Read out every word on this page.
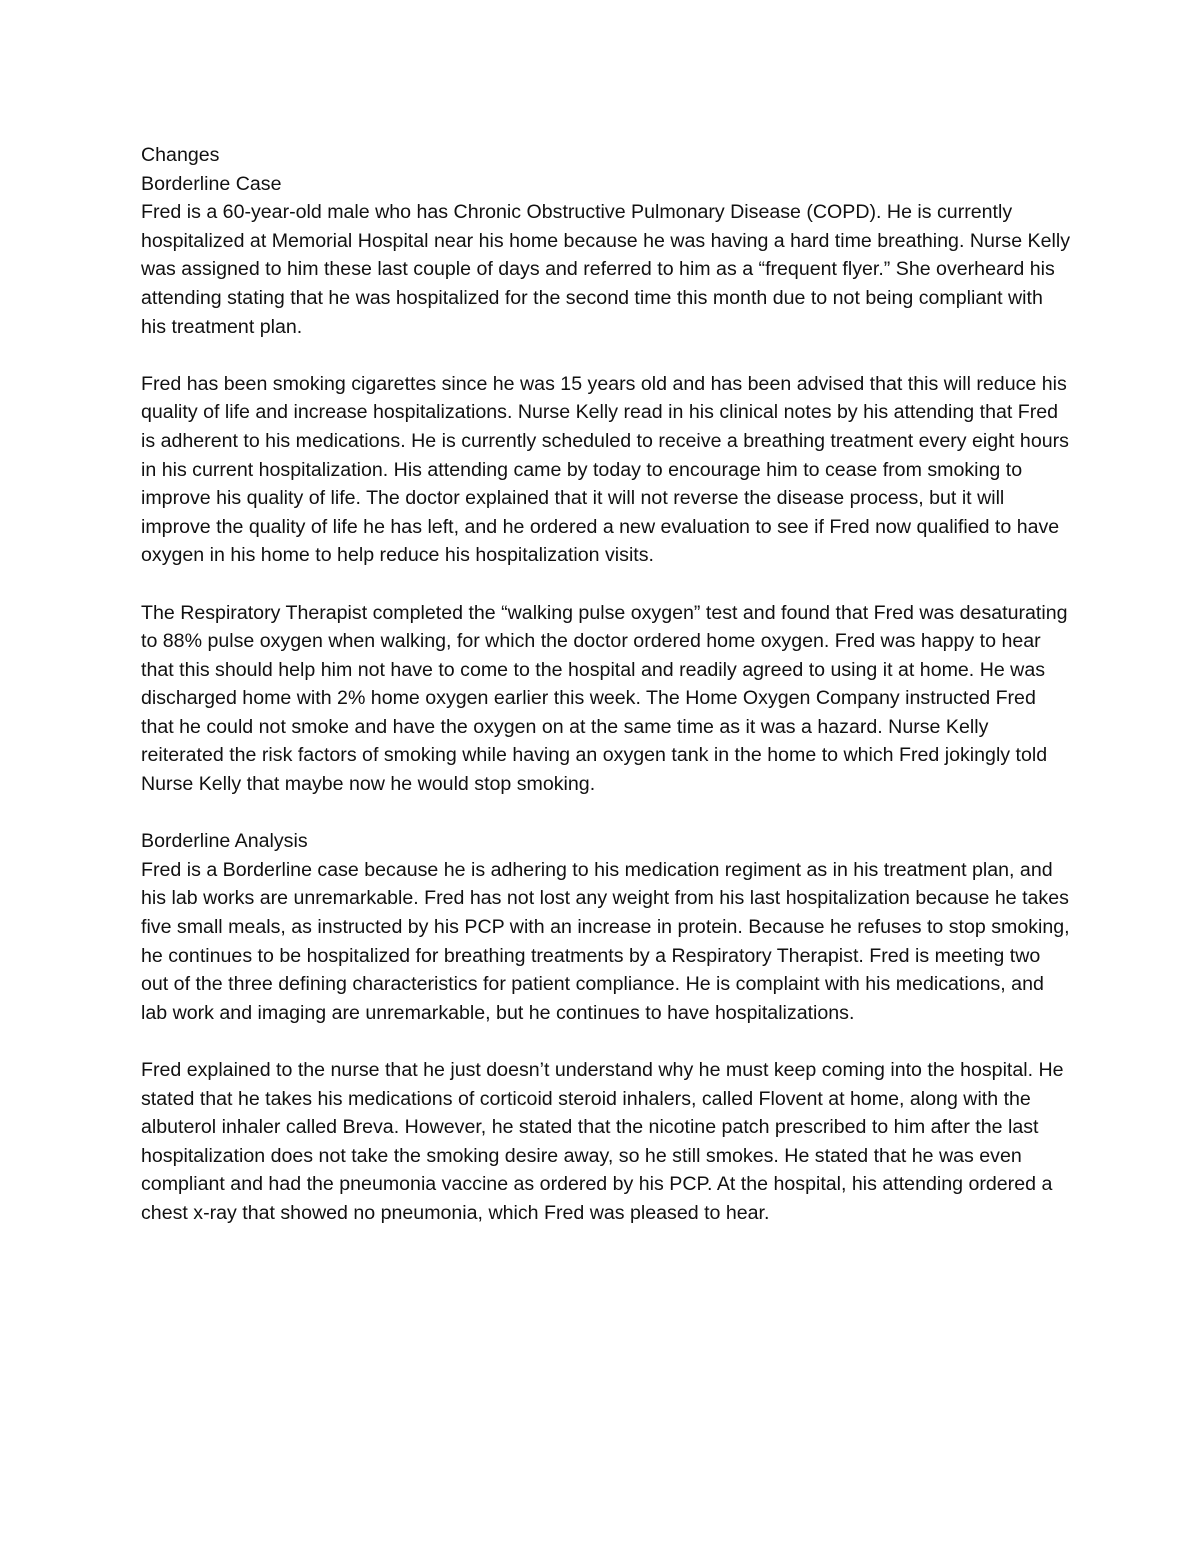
Changes
Borderline Case

Fred is a 60-year-old male who has Chronic Obstructive Pulmonary Disease (COPD). He is currently hospitalized at Memorial Hospital near his home because he was having a hard time breathing. Nurse Kelly was assigned to him these last couple of days and referred to him as a “frequent flyer.” She overheard his attending stating that he was hospitalized for the second time this month due to not being compliant with his treatment plan.

Fred has been smoking cigarettes since he was 15 years old and has been advised that this will reduce his quality of life and increase hospitalizations. Nurse Kelly read in his clinical notes by his attending that Fred is adherent to his medications. He is currently scheduled to receive a breathing treatment every eight hours in his current hospitalization. His attending came by today to encourage him to cease from smoking to improve his quality of life. The doctor explained that it will not reverse the disease process, but it will improve the quality of life he has left, and he ordered a new evaluation to see if Fred now qualified to have oxygen in his home to help reduce his hospitalization visits.

The Respiratory Therapist completed the “walking pulse oxygen” test and found that Fred was desaturating to 88% pulse oxygen when walking, for which the doctor ordered home oxygen. Fred was happy to hear that this should help him not have to come to the hospital and readily agreed to using it at home. He was discharged home with 2% home oxygen earlier this week. The Home Oxygen Company instructed Fred that he could not smoke and have the oxygen on at the same time as it was a hazard. Nurse Kelly reiterated the risk factors of smoking while having an oxygen tank in the home to which Fred jokingly told Nurse Kelly that maybe now he would stop smoking.

Borderline Analysis

Fred is a Borderline case because he is adhering to his medication regiment as in his treatment plan, and his lab works are unremarkable. Fred has not lost any weight from his last hospitalization because he takes five small meals, as instructed by his PCP with an increase in protein. Because he refuses to stop smoking, he continues to be hospitalized for breathing treatments by a Respiratory Therapist. Fred is meeting two out of the three defining characteristics for patient compliance. He is complaint with his medications, and lab work and imaging are unremarkable, but he continues to have hospitalizations.

Fred explained to the nurse that he just doesn’t understand why he must keep coming into the hospital. He stated that he takes his medications of corticoid steroid inhalers, called Flovent at home, along with the albuterol inhaler called Breva. However, he stated that the nicotine patch prescribed to him after the last hospitalization does not take the smoking desire away, so he still smokes. He stated that he was even compliant and had the pneumonia vaccine as ordered by his PCP. At the hospital, his attending ordered a chest x-ray that showed no pneumonia, which Fred was pleased to hear.
